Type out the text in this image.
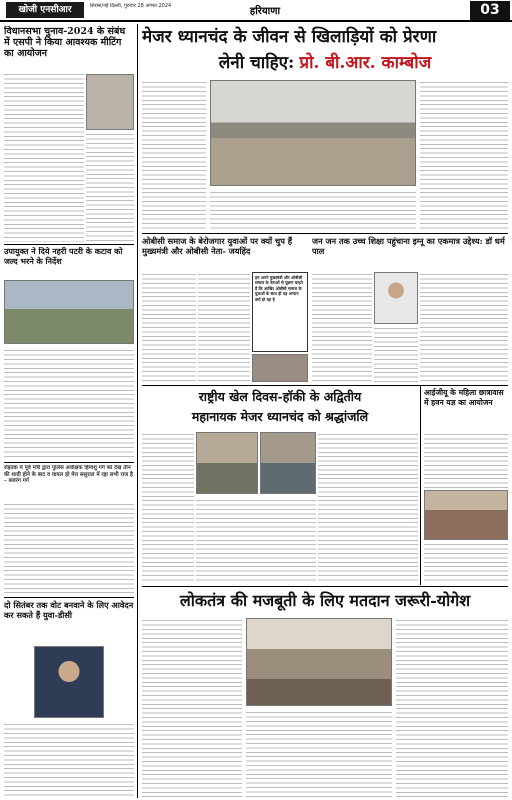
खोजी एनसीआर	सिरसा/नई दिल्ली, गुरुवार 28 अगस्त 2024	हरियाणा	03
विधानसभा चुनाव-2024 के संबंध में एसपी ने किया आवश्यक मीटिंग का आयोजन
उपायुक्त ने दिये नहरी पटरी के कटाव को जल्द भरने के निर्देश
रोहतक में पूर्व मंत्री द्वारा पुलिस अधीक्षक हिमांशु गर्ग को देख तीन की शादी होने के बाद व घायल हो मेरा ससुराल में रहा सभी राज है – बजरंग गर्ग
दो सितंबर तक वोट बनवाने के लिए आवेदन कर सकते हैं युवा-डीसी
मेजर ध्यानचंद के जीवन से खिलाड़ियों को प्रेरणा
लेनी चाहिए: प्रो. बी.आर. काम्बोज
ओबीसी समाज के बेरोजगार युवाओं पर क्यों चुप हैं मुख्यमंत्री और ओबीसी नेता- जयहिंद
हम अपने मुख्यमंत्री और ओबीसी समाज के नेताओं से पूछना चाहते हैं कि आखिर ओबीसी समाज के युवाओं के साथ ही यह अन्याय क्यों हो रहा है
जन जन तक उच्च शिक्षा पहुंचाना इग्नू का एकमात्र उद्देश्य: डॉ धर्म पाल
राष्ट्रीय खेल दिवस-हॉकी के अद्वितीय
महानायक मेजर ध्यानचंद को श्रद्धांजलि
आईजीयू के महिला छात्रावास में हवन यज्ञ का आयोजन
लोकतंत्र की मजबूती के लिए मतदान जरूरी-योगेश
